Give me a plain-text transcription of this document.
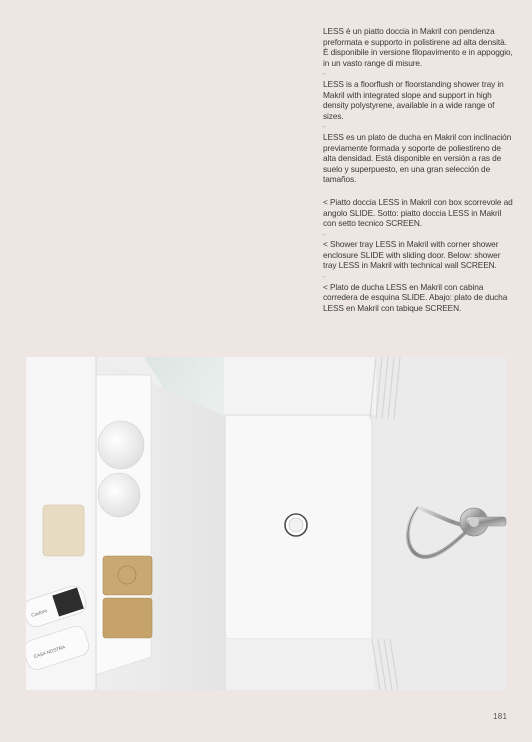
LESS è un piatto doccia in Makril con pendenza preformata e supporto in polistirene ad alta densità. È disponibile in versione filopavimento e in appoggio, in un vasto range di misure.

-

LESS is a floorflush or floorstanding shower tray in Makril with integrated slope and support in high density polystyrene, available in a wide range of sizes.

-

LESS es un plato de ducha en Makril con inclinación previamente formada y soporte de poliestireno de alta densidad. Está disponible en versión a ras de suelo y superpuesto, en una gran selección de tamaños.

< Piatto doccia LESS in Makril con box scorrevole ad angolo SLIDE. Sotto: piatto doccia LESS in Makril con setto tecnico SCREEN.

-

< Shower tray LESS in Makril with corner shower enclosure SLIDE with sliding door. Below: shower tray LESS in Makril with technical wall SCREEN.

-

< Plato de ducha LESS en Makril con cabina corredera de esquina SLIDE. Abajo: plato de ducha LESS en Makril con tabique SCREEN.

Cadore
CASA NOSTRA
181
